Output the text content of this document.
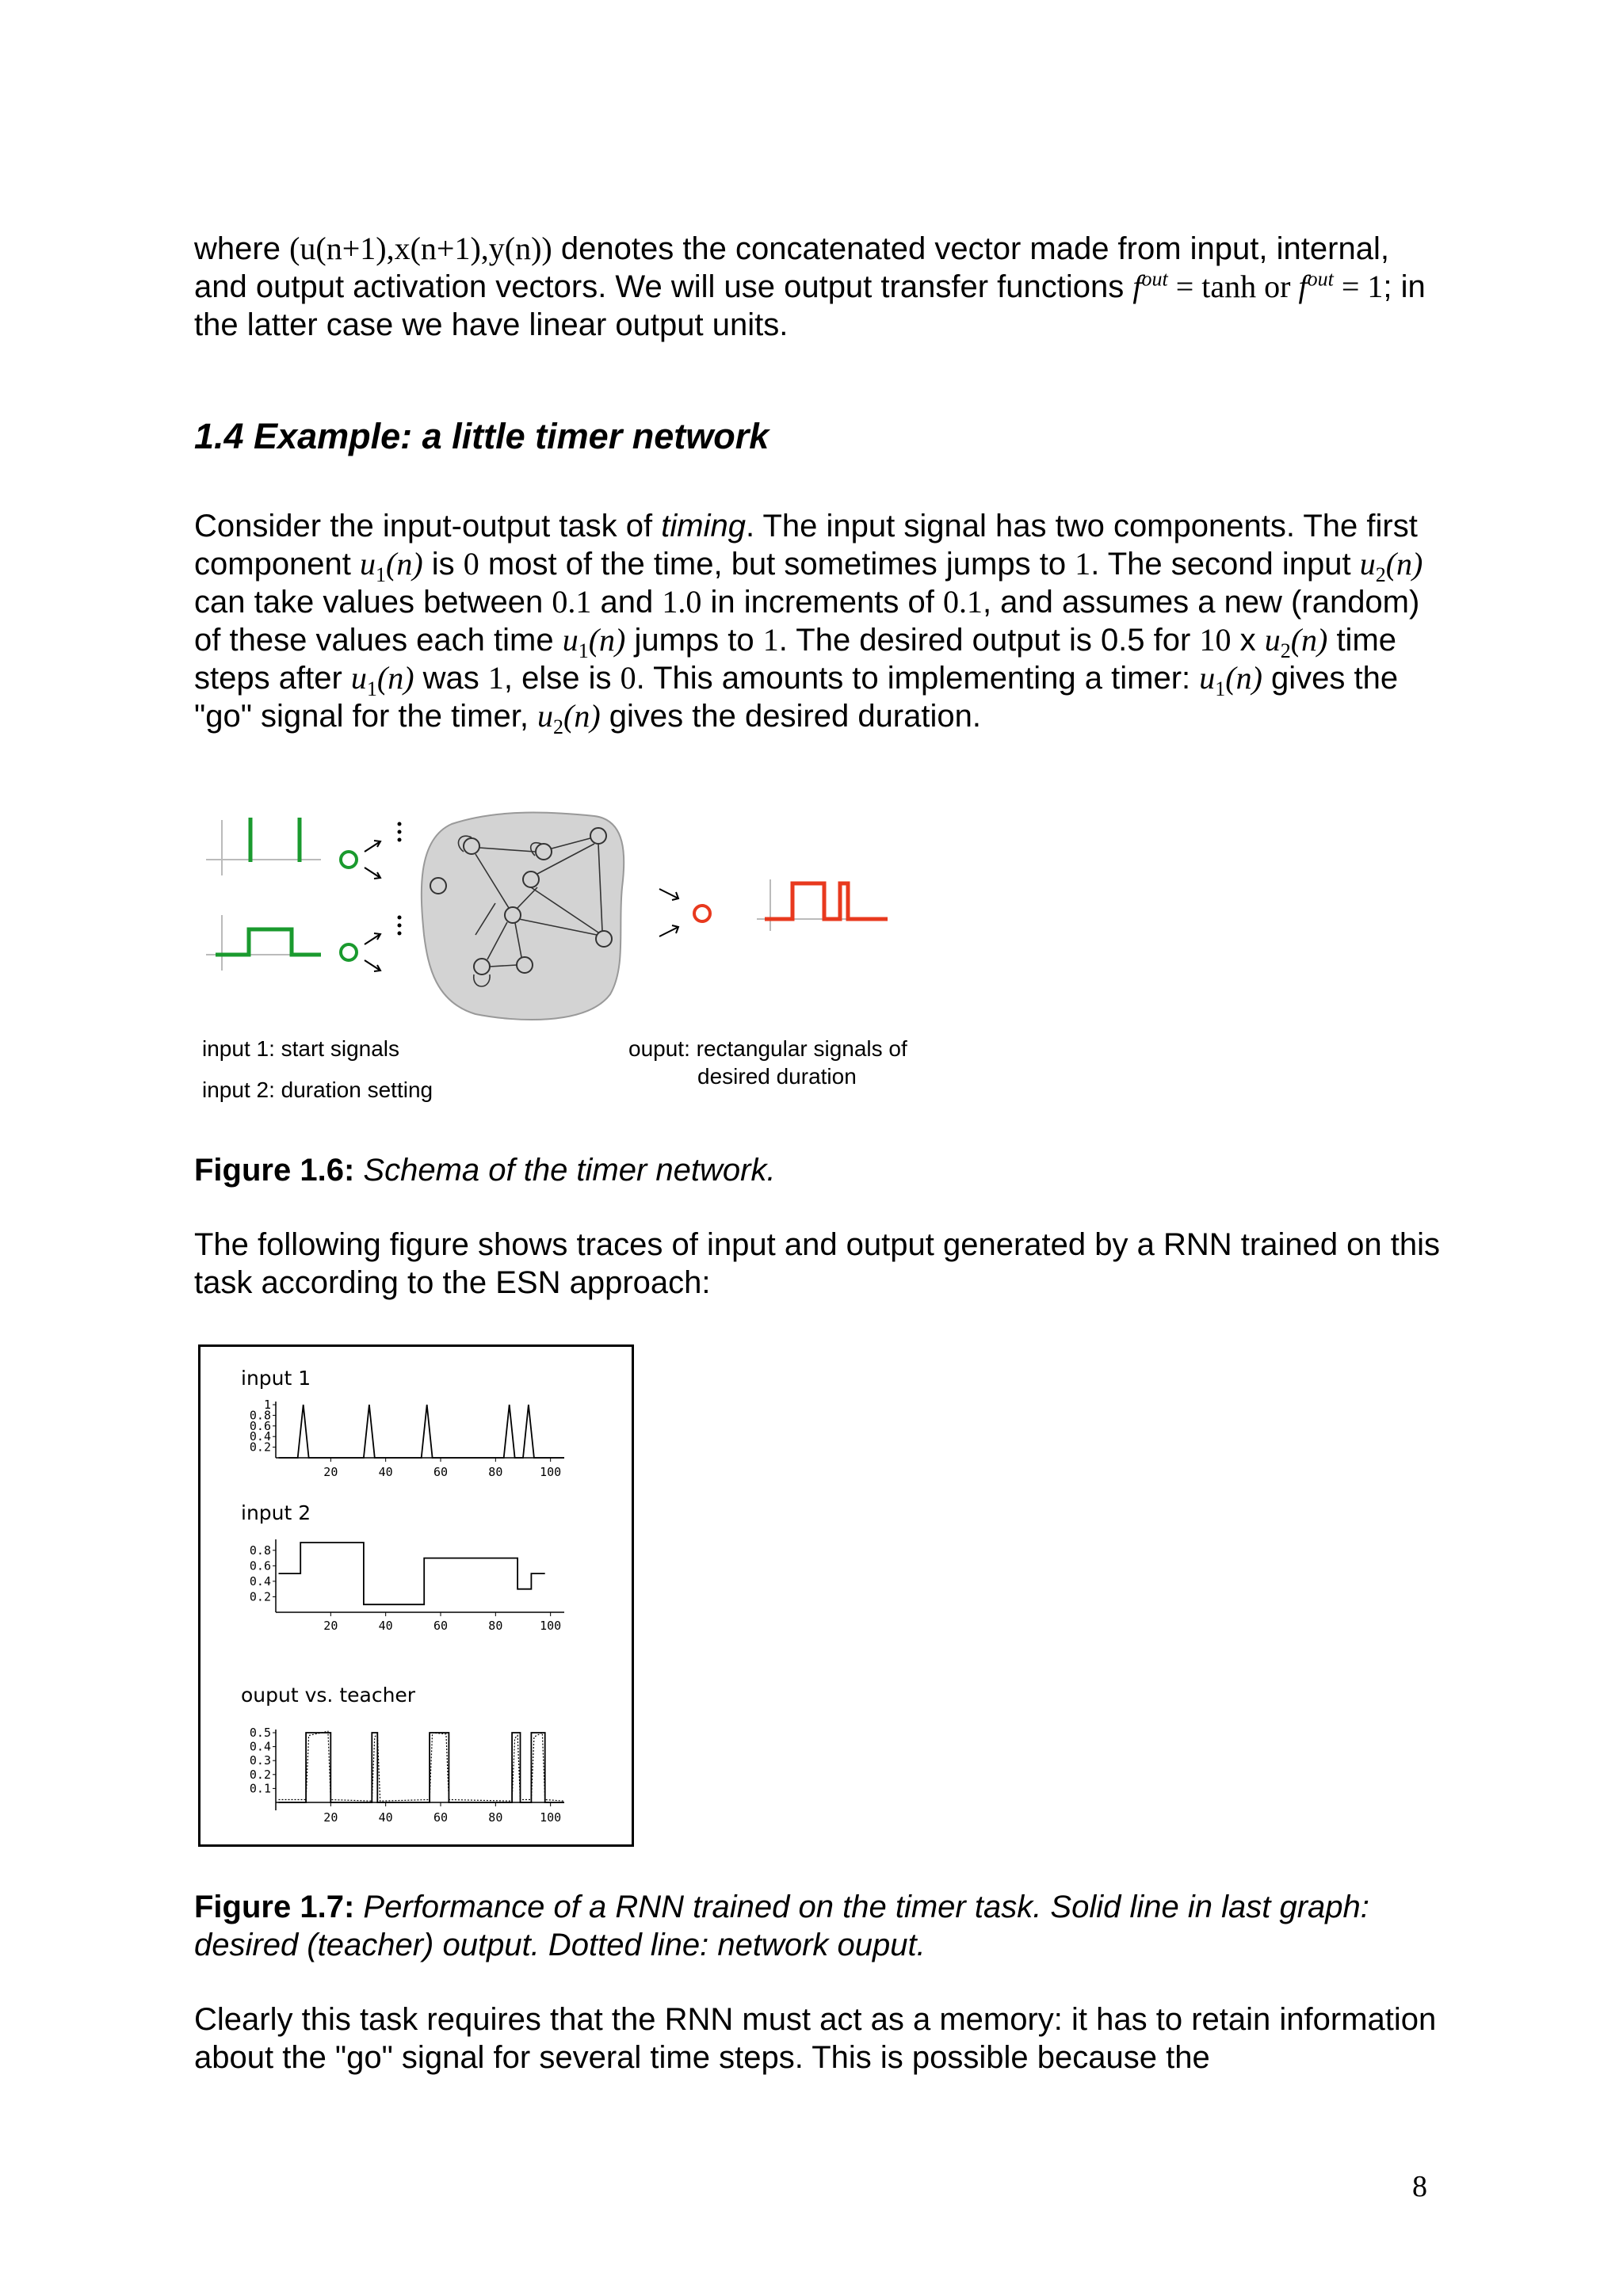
where (u(n+1),x(n+1),y(n)) denotes the concatenated vector made from input, internal, and output activation vectors. We will use output transfer functions $f^{out} = \tanh$ or $f^{out} = 1$; in the latter case we have linear output units.
1.4 Example: a little timer network
Consider the input-output task of timing. The input signal has two components. The first component $u_1(n)$ is 0 most of the time, but sometimes jumps to 1. The second input $u_2(n)$ can take values between 0.1 and 1.0 in increments of 0.1, and assumes a new (random) of these values each time $u_1(n)$ jumps to 1. The desired output is 0.5 for 10 x $u_2(n)$ time steps after $u_1(n)$ was 1, else is 0. This amounts to implementing a timer: $u_1(n)$ gives the "go" signal for the timer, $u_2(n)$ gives the desired duration.
input 1: start signals
input 2: duration setting
ouput: rectangular signals of
desired duration
Figure 1.6: Schema of the timer network.
The following figure shows traces of input and output generated by a RNN trained on this task according to the ESN approach:
input 1
input 2
ouput vs. teacher
20	40	60	80	100
1
0.8
0.6
0.4
0.2
20	40	60	80	100
0.8
0.6
0.4
0.2
20	40	60	80	100
0.5
0.4
0.3
0.2
0.1
Figure 1.7: Performance of a RNN trained on the timer task. Solid line in last graph: desired (teacher) output. Dotted line: network ouput.
Clearly this task requires that the RNN must act as a memory: it has to retain information about the "go" signal for several time steps. This is possible because the
8
